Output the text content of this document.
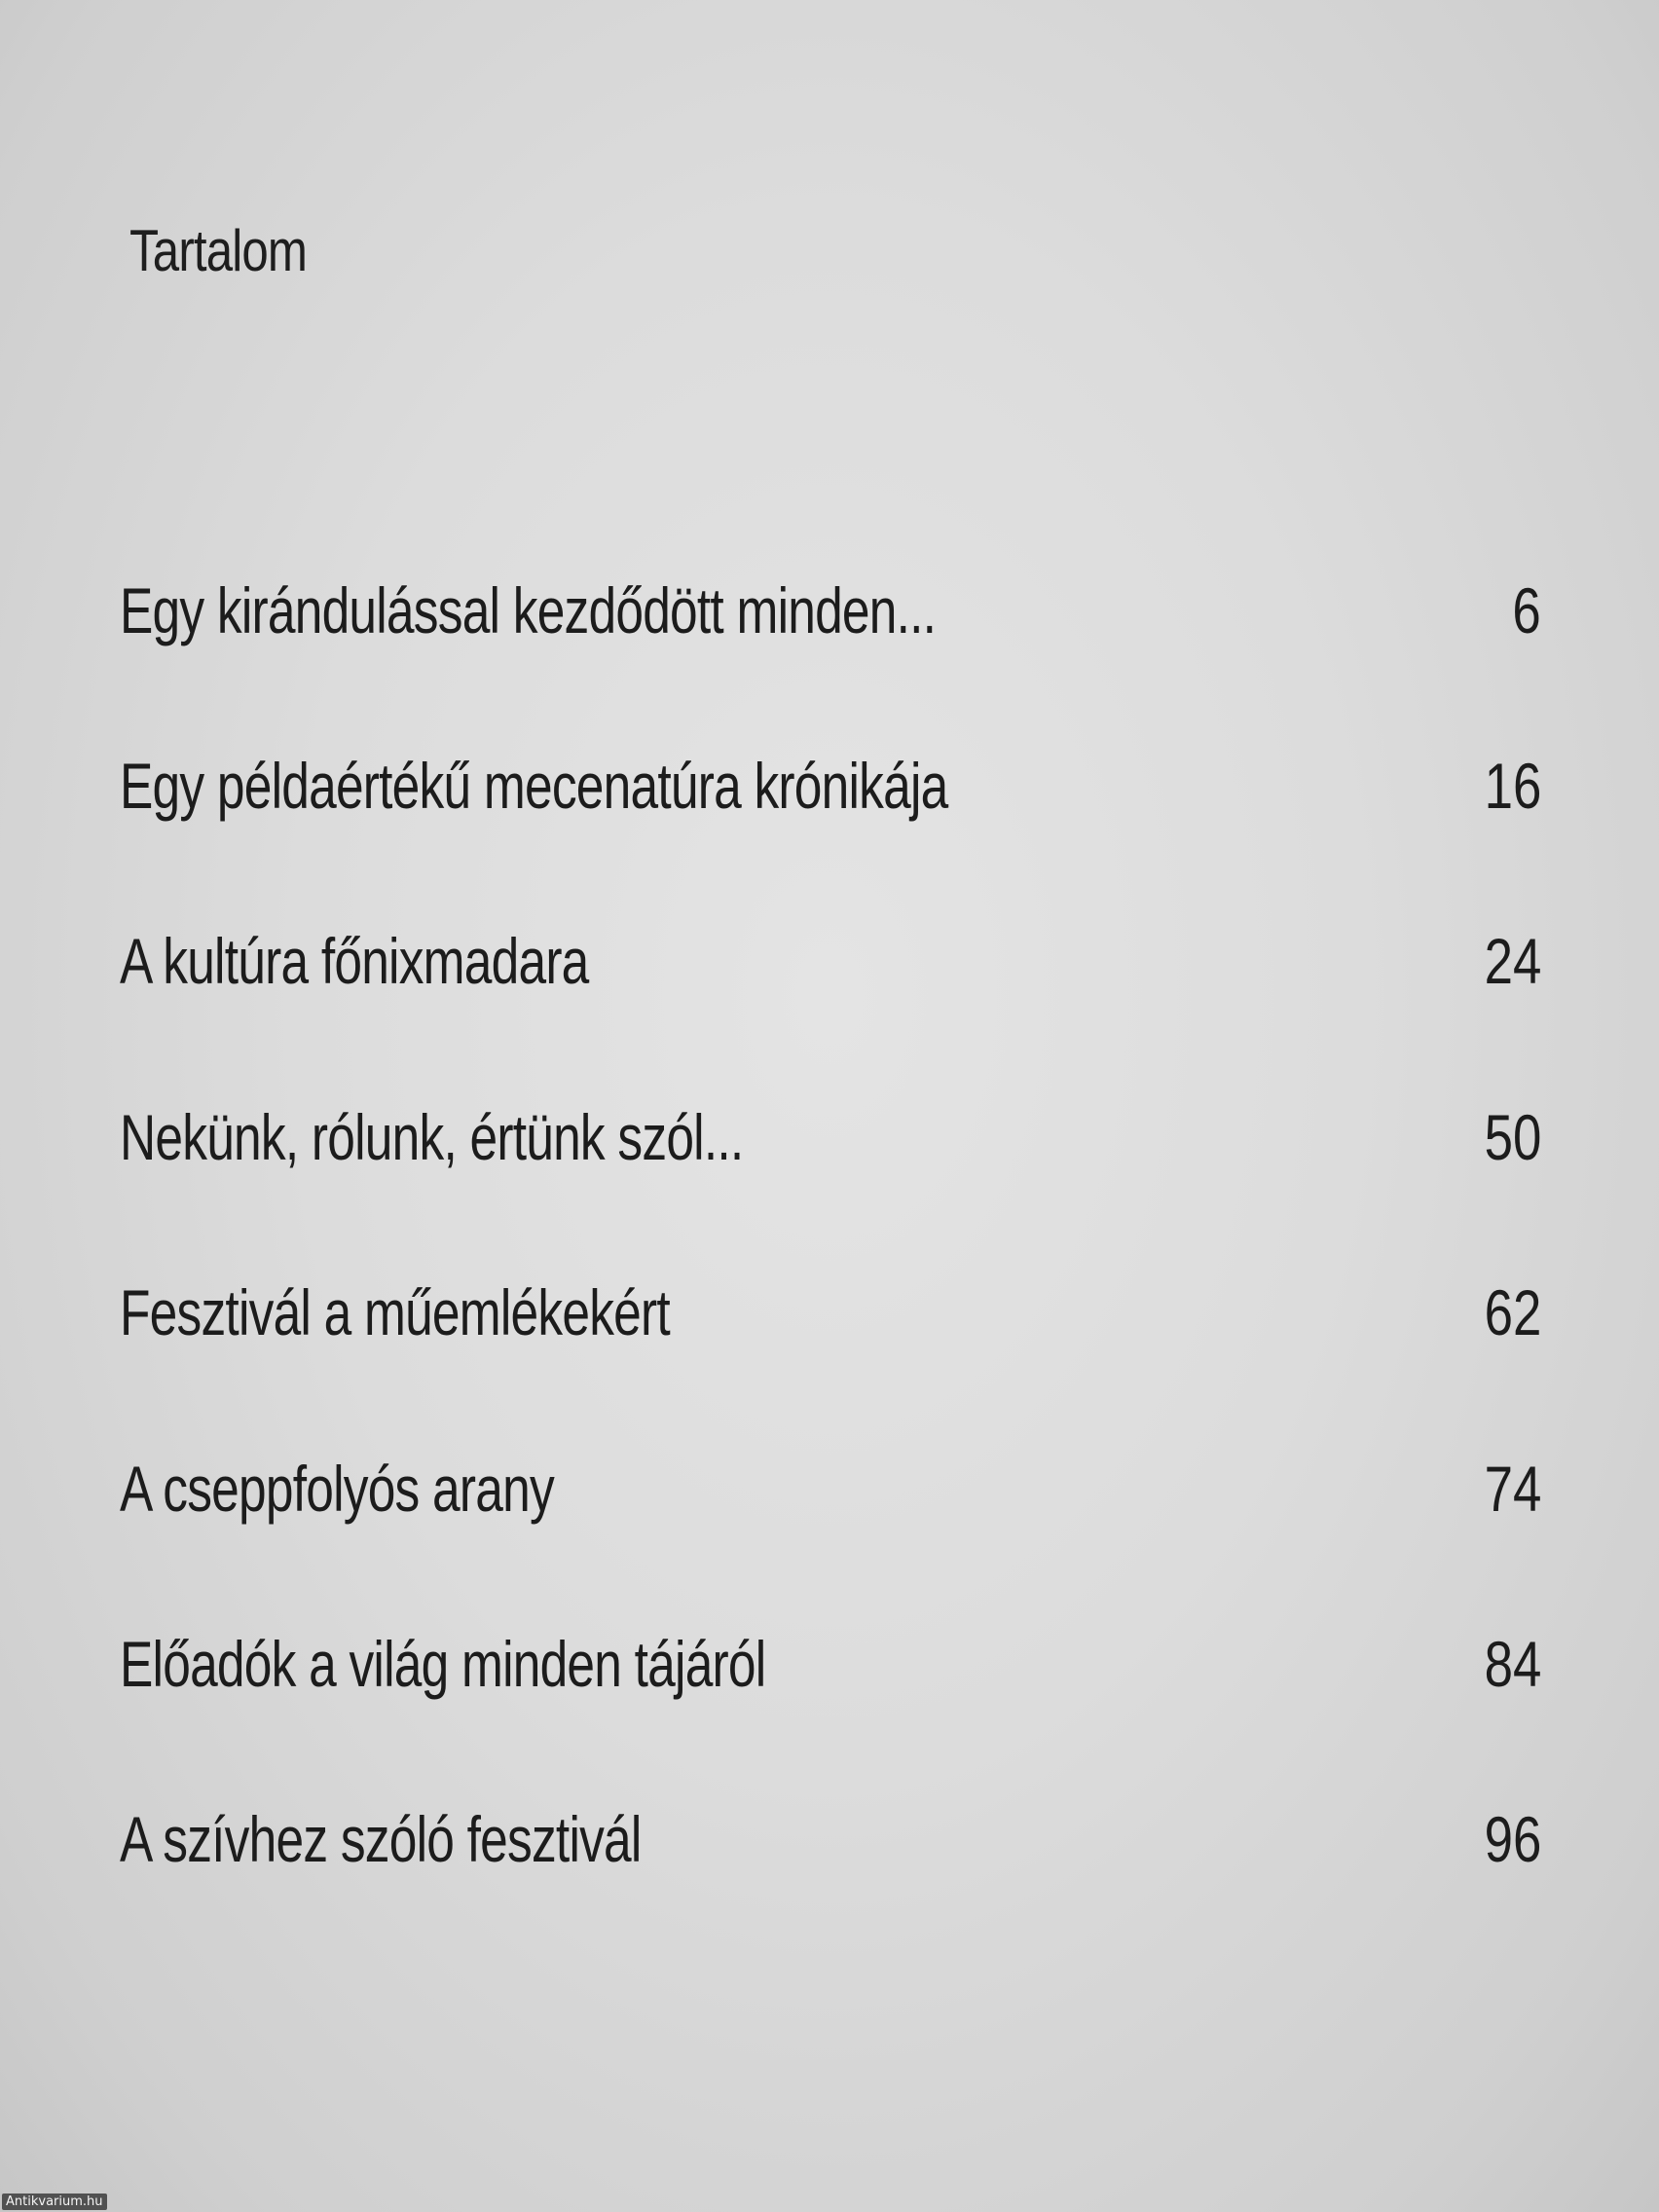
Tartalom
Egy kirándulással kezdődött minden...	6
Egy példaértékű mecenatúra krónikája	16
A kultúra főnixmadara	24
Nekünk, rólunk, értünk szól...	50
Fesztivál a műemlékekért	62
A cseppfolyós arany	74
Előadók a világ minden tájáról	84
A szívhez szóló fesztivál	96
Antikvarium.hu
